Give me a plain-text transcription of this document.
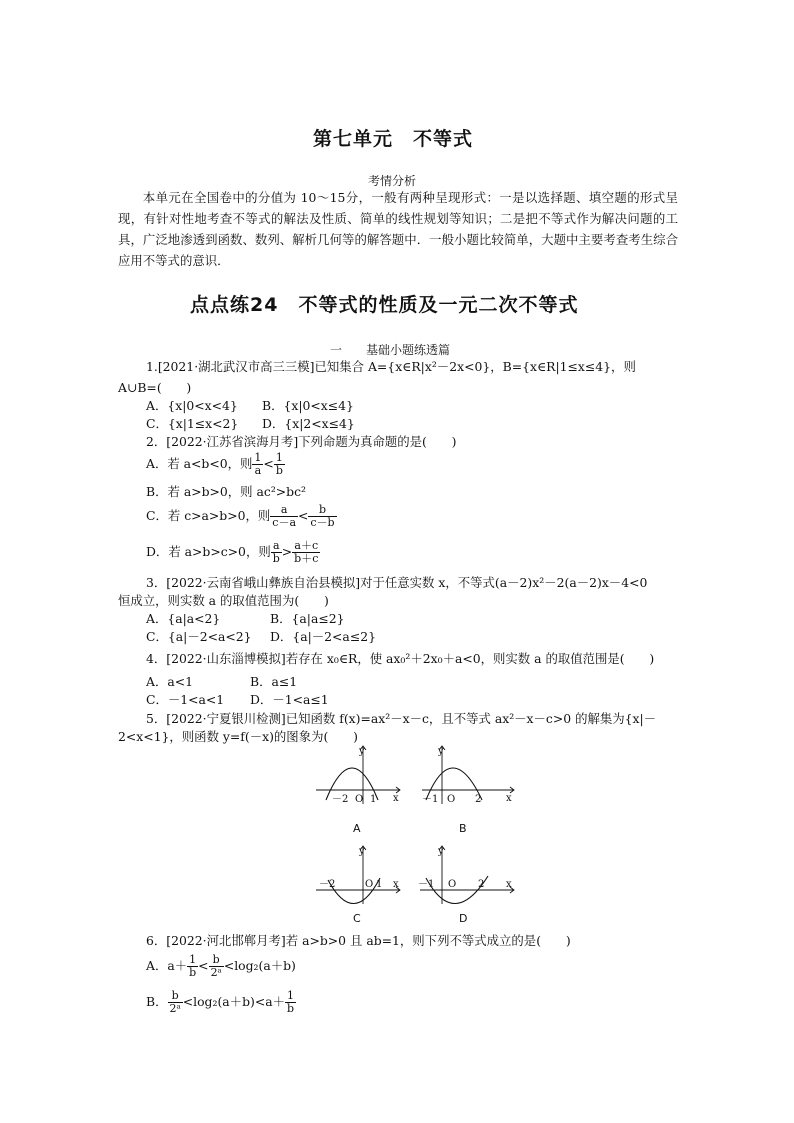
第七单元　不等式
考情分析
本单元在全国卷中的分值为 10～15分，一般有两种呈现形式：一是以选择题、填空题的形式呈现，有针对性地考查不等式的解法及性质、简单的线性规划等知识；二是把不等式作为解决问题的工具，广泛地渗透到函数、数列、解析几何等的解答题中．一般小题比较简单，大题中主要考查考生综合应用不等式的意识．
点点练24　不等式的性质及一元二次不等式
一　　基础小题练透篇
1.[2021·湖北武汉市高三三模]已知集合 A={x∈R|x²－2x<0}，B={x∈R|1≤x≤4}，则
A∪B=(　　)
A．{x|0<x<4} B．{x|0<x≤4}
C．{x|1≤x<2} D．{x|2<x≤4}
2．[2022·江苏省滨海月考]下列命题为真命题的是(　　)
A．若 a<b<0，则 $\frac{1}{a} < \frac{1}{b}$
B．若 a>b>0，则 ac²>bc²
C．若 c>a>b>0，则 $\frac{a}{c-a} < \frac{b}{c-b}$
D．若 a>b>c>0，则 $\frac{a}{b} > \frac{a+c}{b+c}$
3．[2022·云南省峨山彝族自治县模拟]对于任意实数 x，不等式(a－2)x²－2(a－2)x－4<0
恒成立，则实数 a 的取值范围为(　　)
A．{a|a<2}	B．{a|a≤2}
C．{a|－2<a<2} D．{a|－2<a≤2}
4．[2022·山东淄博模拟]若存在 x₀∈R，使 ax₀²＋2x₀＋a<0，则实数 a 的取值范围是(　　)
A．a<1	B．a≤1
C．－1<a<1 D．－1<a≤1
5．[2022·宁夏银川检测]已知函数 f(x)=ax²－x－c，且不等式 ax²－x－c>0 的解集为{x|－
2<x<1}，则函数 y=f(－x)的图象为(　　)
y
x
O
－2 1
A
y
x
O
－1	2
B
y
x
O
－2	1
C
y
x
O
－1	2
D
6．[2022·河北邯郸月考]若 a>b>0 且 ab=1，则下列不等式成立的是(　　)
A．$a+ \frac{1}{b} < \frac{b}{\text{2ᵃ}} <\log_2(a+b)$
B． $\frac{b}{\text{2ᵃ}} <\log_2(a+b)<a+ \frac{1}{b}$
